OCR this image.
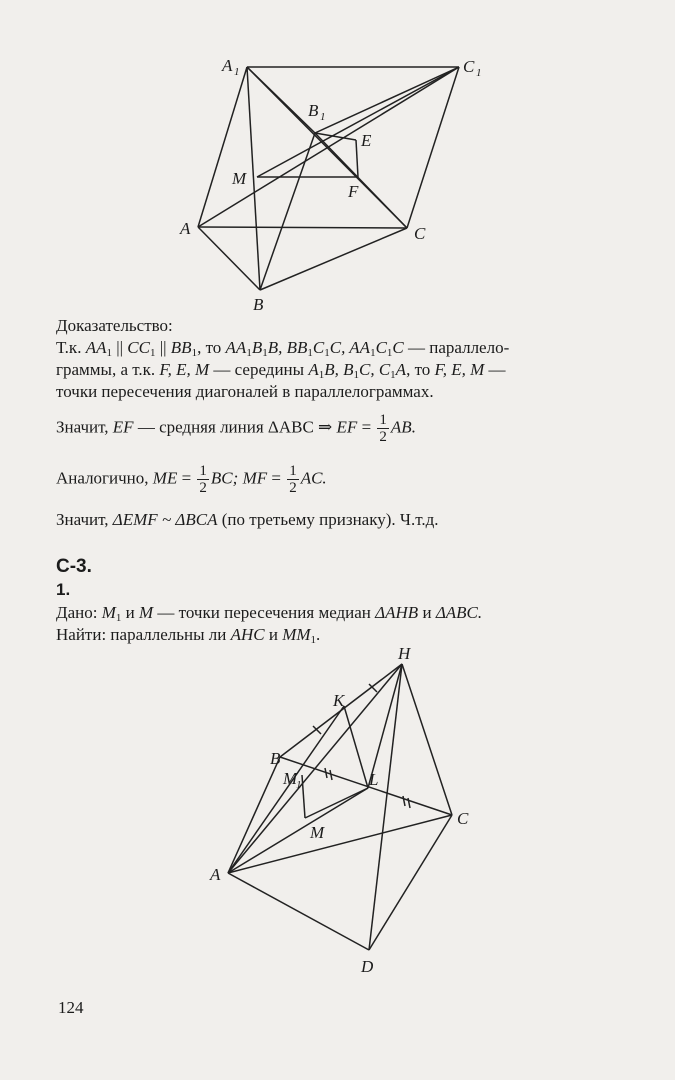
A 1	C 1
B 1
E
M
F
A	C
B
Доказательство:
Т.к. $AA_1$ || $CC_1$ || $BB_1$, то $AA_1B_1B$, $BB_1C_1C$, $AA_1C_1C$ — параллело-
граммы, а т.к. F, E, M — середины $A_1B$, $B_1C$, $C_1A$, то F, E, M —
точки пересечения диагоналей в параллелограммах.
Значит, EF — средняя линия ΔABC ⇒ EF = $\frac{1}{2}$ AB.
Аналогично, ME = $\frac{1}{2}$ BC; MF = $\frac{1}{2}$ AC.
Значит, ΔEMF ~ ΔBCA (по третьему признаку). Ч.т.д.
С-3.
1.
Дано: $M_1$ и M — точки пересечения медиан ΔAHB и ΔABC.
Найти: параллельны ли AHC и $MM_1$.
H
K
B
M
1	L
M
C
A
D
124
